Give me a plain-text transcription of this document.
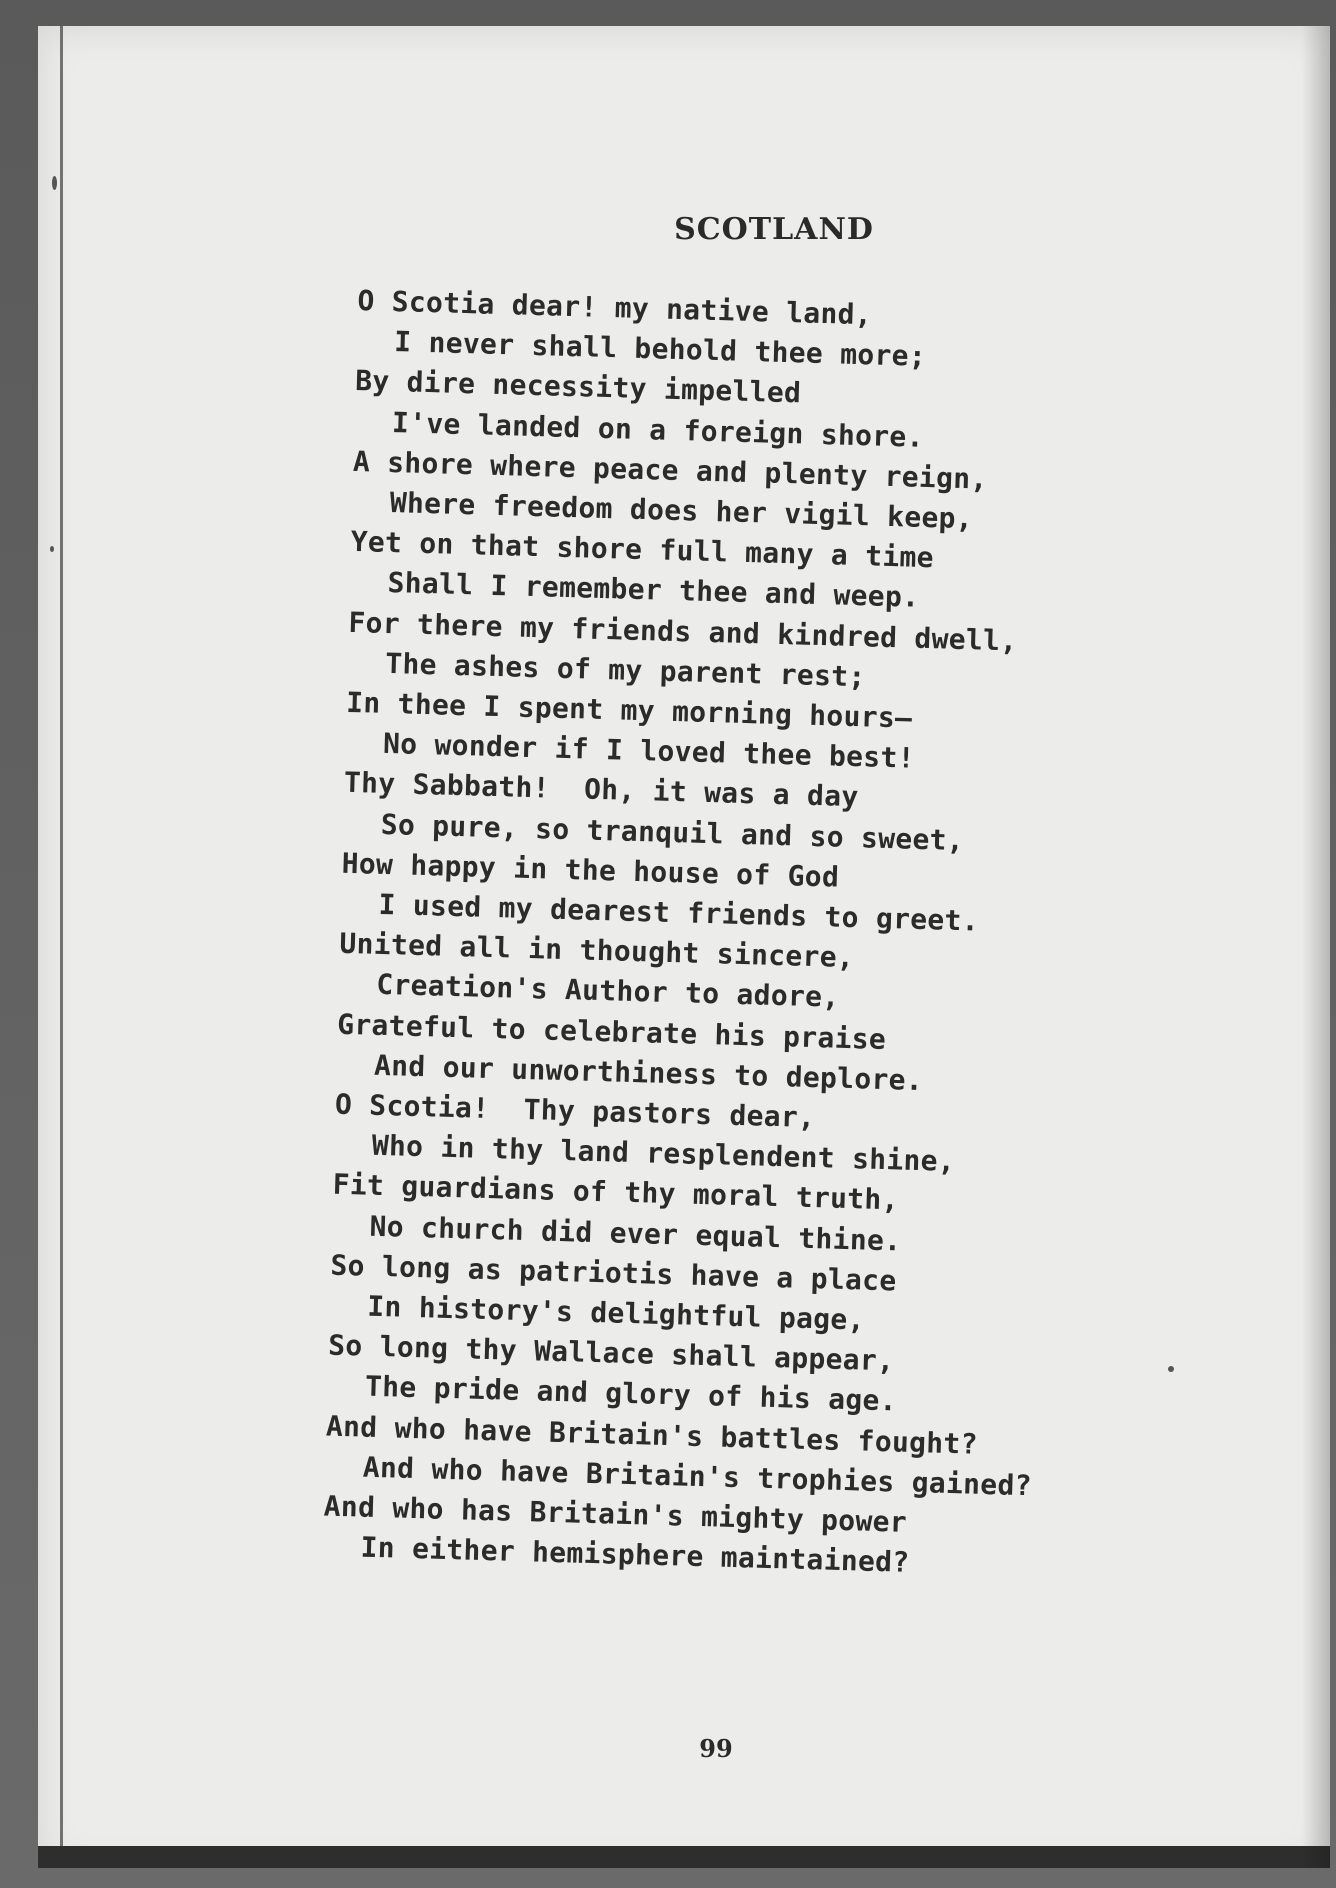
SCOTLAND
O Scotia dear! my native land,
I never shall behold thee more;
By dire necessity impelled
I've landed on a foreign shore.
A shore where peace and plenty reign,
Where freedom does her vigil keep,
Yet on that shore full many a time
Shall I remember thee and weep.
For there my friends and kindred dwell,
The ashes of my parent rest;
In thee I spent my morning hours—
No wonder if I loved thee best!
Thy Sabbath!  Oh, it was a day
So pure, so tranquil and so sweet,
How happy in the house of God
I used my dearest friends to greet.
United all in thought sincere,
Creation's Author to adore,
Grateful to celebrate his praise
And our unworthiness to deplore.
O Scotia!  Thy pastors dear,
Who in thy land resplendent shine,
Fit guardians of thy moral truth,
No church did ever equal thine.
So long as patriotis have a place
In history's delightful page,
So long thy Wallace shall appear,
The pride and glory of his age.
And who have Britain's battles fought?
And who have Britain's trophies gained?
And who has Britain's mighty power
In either hemisphere maintained?
99
